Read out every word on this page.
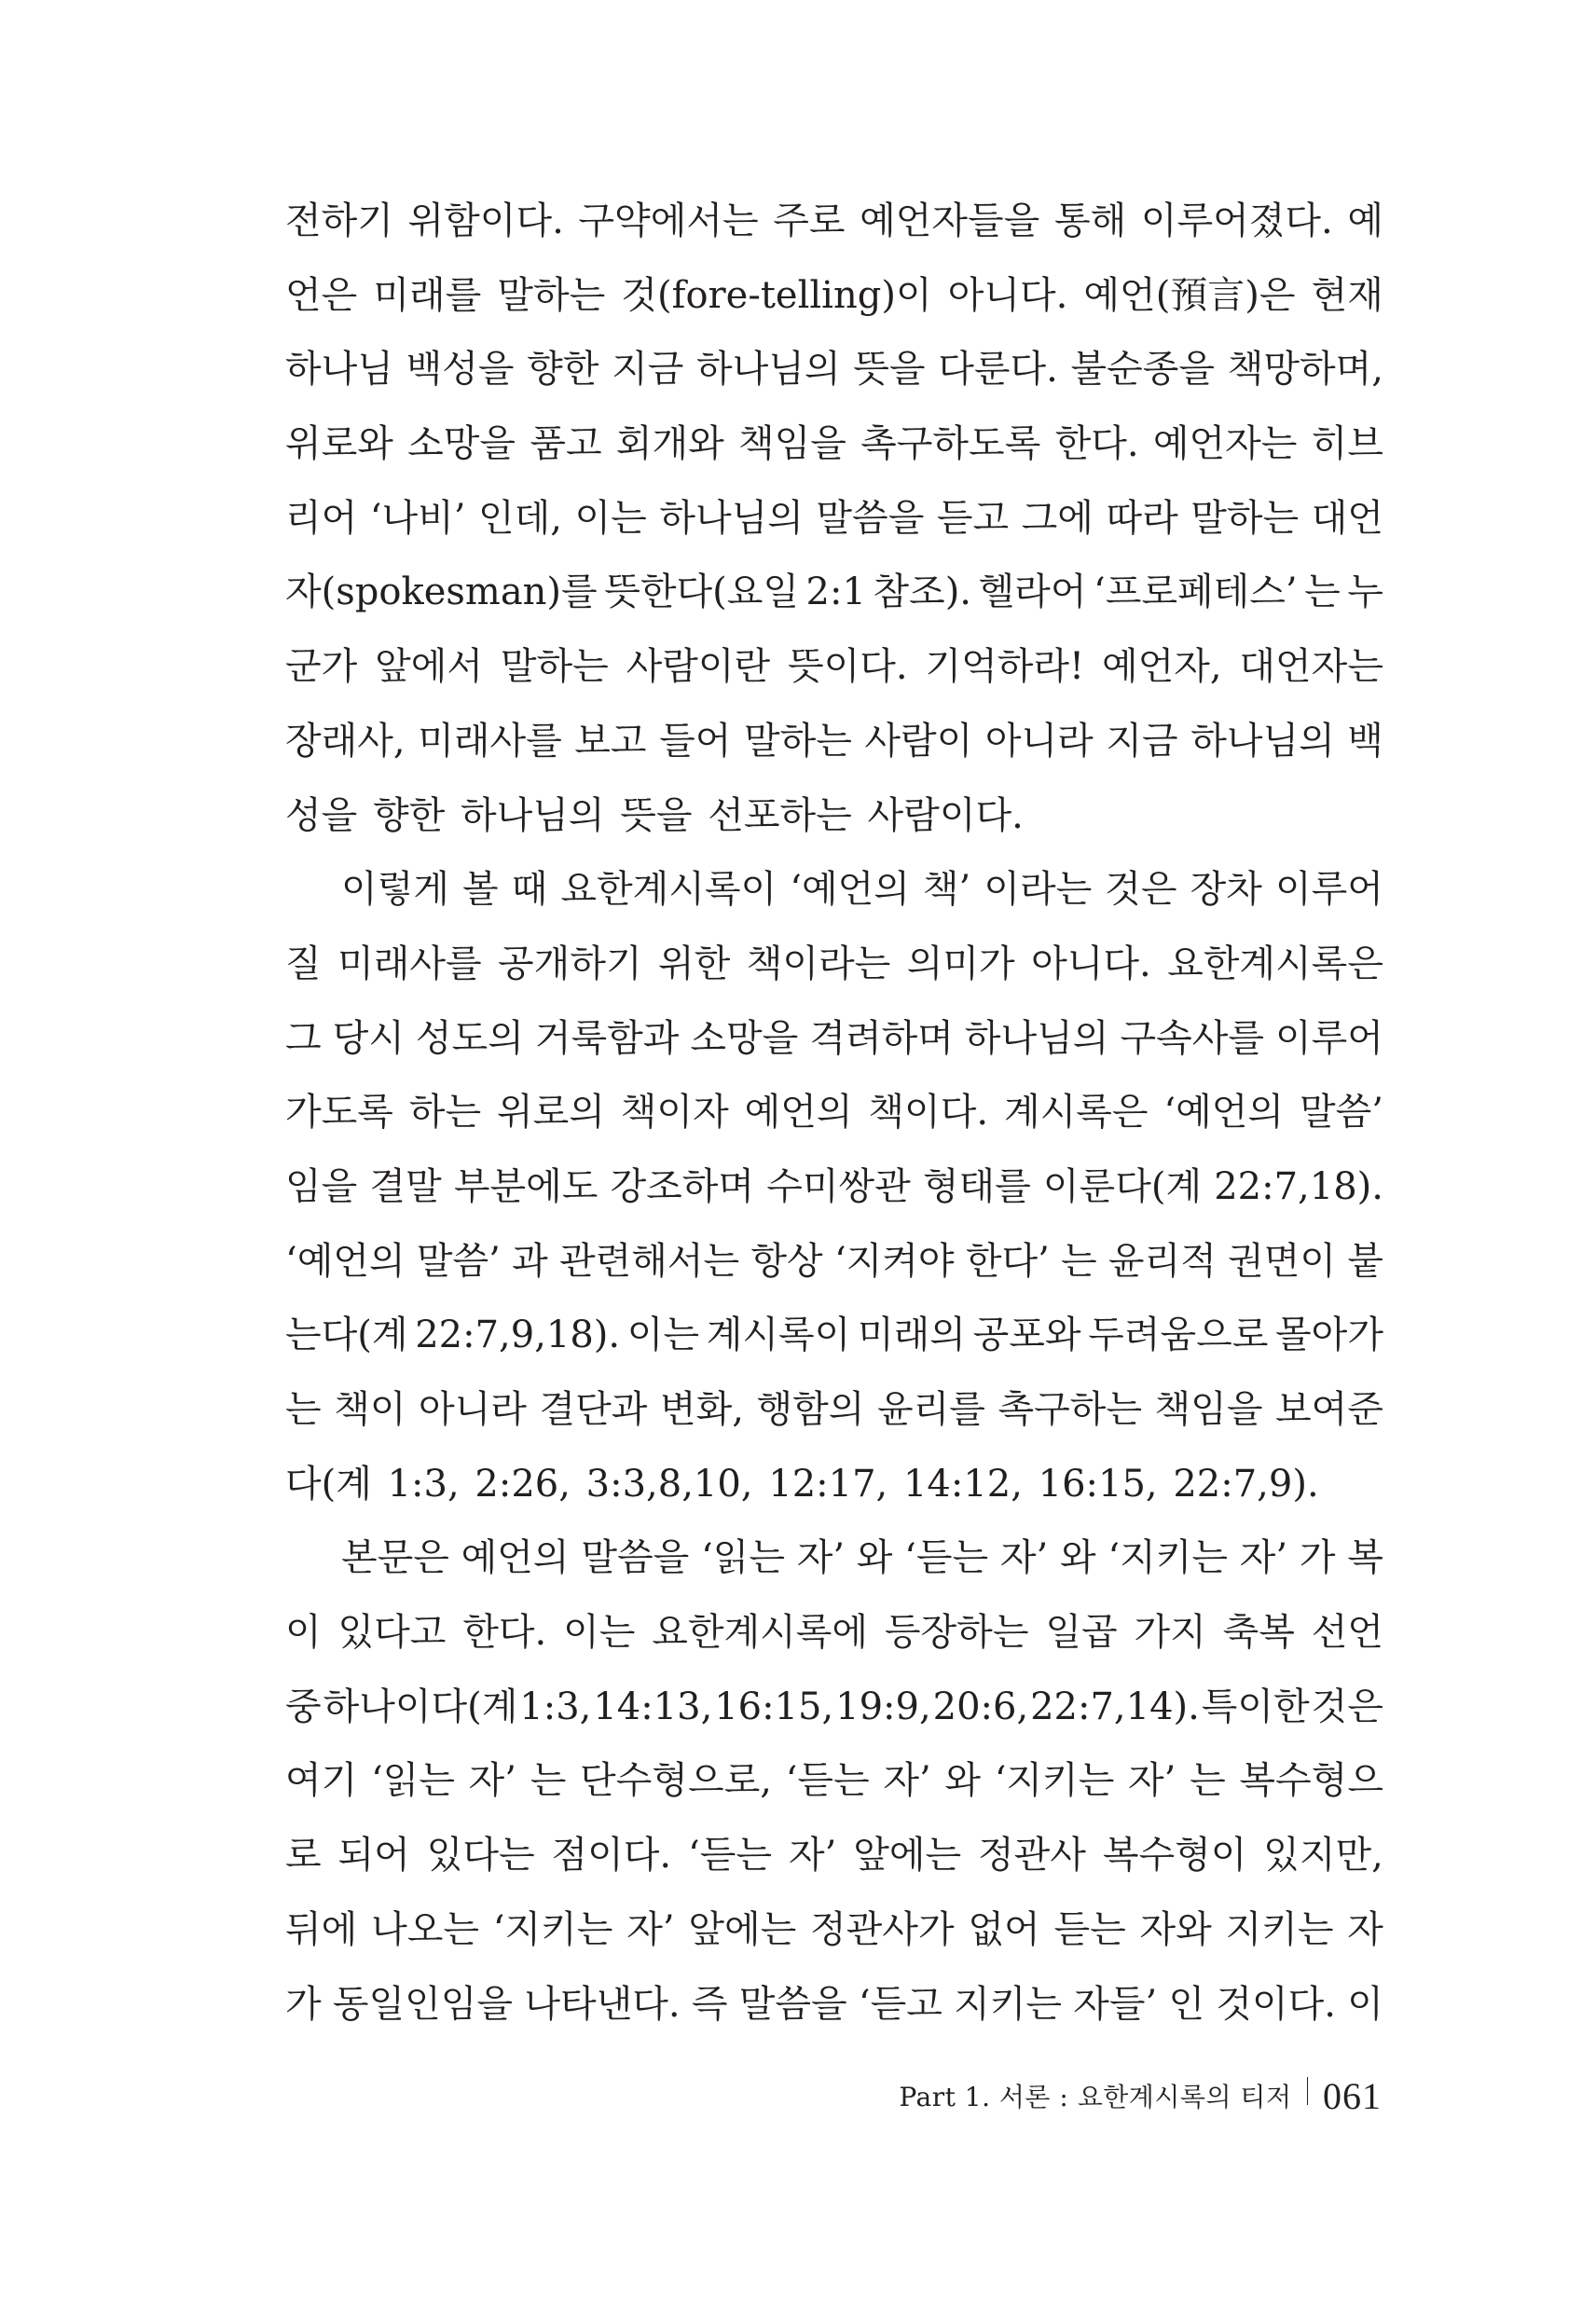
전하기 위함이다. 구약에서는 주로 예언자들을 통해 이루어졌다. 예
언은 미래를 말하는 것(fore-telling)이 아니다. 예언(預言)은 현재
하나님 백성을 향한 지금 하나님의 뜻을 다룬다. 불순종을 책망하며,
위로와 소망을 품고 회개와 책임을 촉구하도록 한다. 예언자는 히브
리어 ‘나비’ 인데, 이는 하나님의 말씀을 듣고 그에 따라 말하는 대언
자(spokesman)를 뜻한다(요일 2:1 참조). 헬라어 ‘프로페테스’ 는 누
군가 앞에서 말하는 사람이란 뜻이다. 기억하라! 예언자, 대언자는
장래사, 미래사를 보고 들어 말하는 사람이 아니라 지금 하나님의 백
성을 향한 하나님의 뜻을 선포하는 사람이다.
이렇게 볼 때 요한계시록이 ‘예언의 책’ 이라는 것은 장차 이루어
질 미래사를 공개하기 위한 책이라는 의미가 아니다. 요한계시록은
그 당시 성도의 거룩함과 소망을 격려하며 하나님의 구속사를 이루어
가도록 하는 위로의 책이자 예언의 책이다. 계시록은 ‘예언의 말씀’
임을 결말 부분에도 강조하며 수미쌍관 형태를 이룬다(계 22:7,18).
‘예언의 말씀’ 과 관련해서는 항상 ‘지켜야 한다’ 는 윤리적 권면이 붙
는다(계 22:7,9,18). 이는 계시록이 미래의 공포와 두려움으로 몰아가
는 책이 아니라 결단과 변화, 행함의 윤리를 촉구하는 책임을 보여준
다(계 1:3, 2:26, 3:3,8,10, 12:17, 14:12, 16:15, 22:7,9).
본문은 예언의 말씀을 ‘읽는 자’ 와 ‘듣는 자’ 와 ‘지키는 자’ 가 복
이 있다고 한다. 이는 요한계시록에 등장하는 일곱 가지 축복 선언
중 하나이다(계 1:3, 14:13, 16:15, 19:9, 20:6, 22:7,14). 특이한 것은
여기 ‘읽는 자’ 는 단수형으로, ‘듣는 자’ 와 ‘지키는 자’ 는 복수형으
로 되어 있다는 점이다. ‘듣는 자’ 앞에는 정관사 복수형이 있지만,
뒤에 나오는 ‘지키는 자’ 앞에는 정관사가 없어 듣는 자와 지키는 자
가 동일인임을 나타낸다. 즉 말씀을 ‘듣고 지키는 자들’ 인 것이다. 이
Part 1. 서론 : 요한계시록의 티저 061
